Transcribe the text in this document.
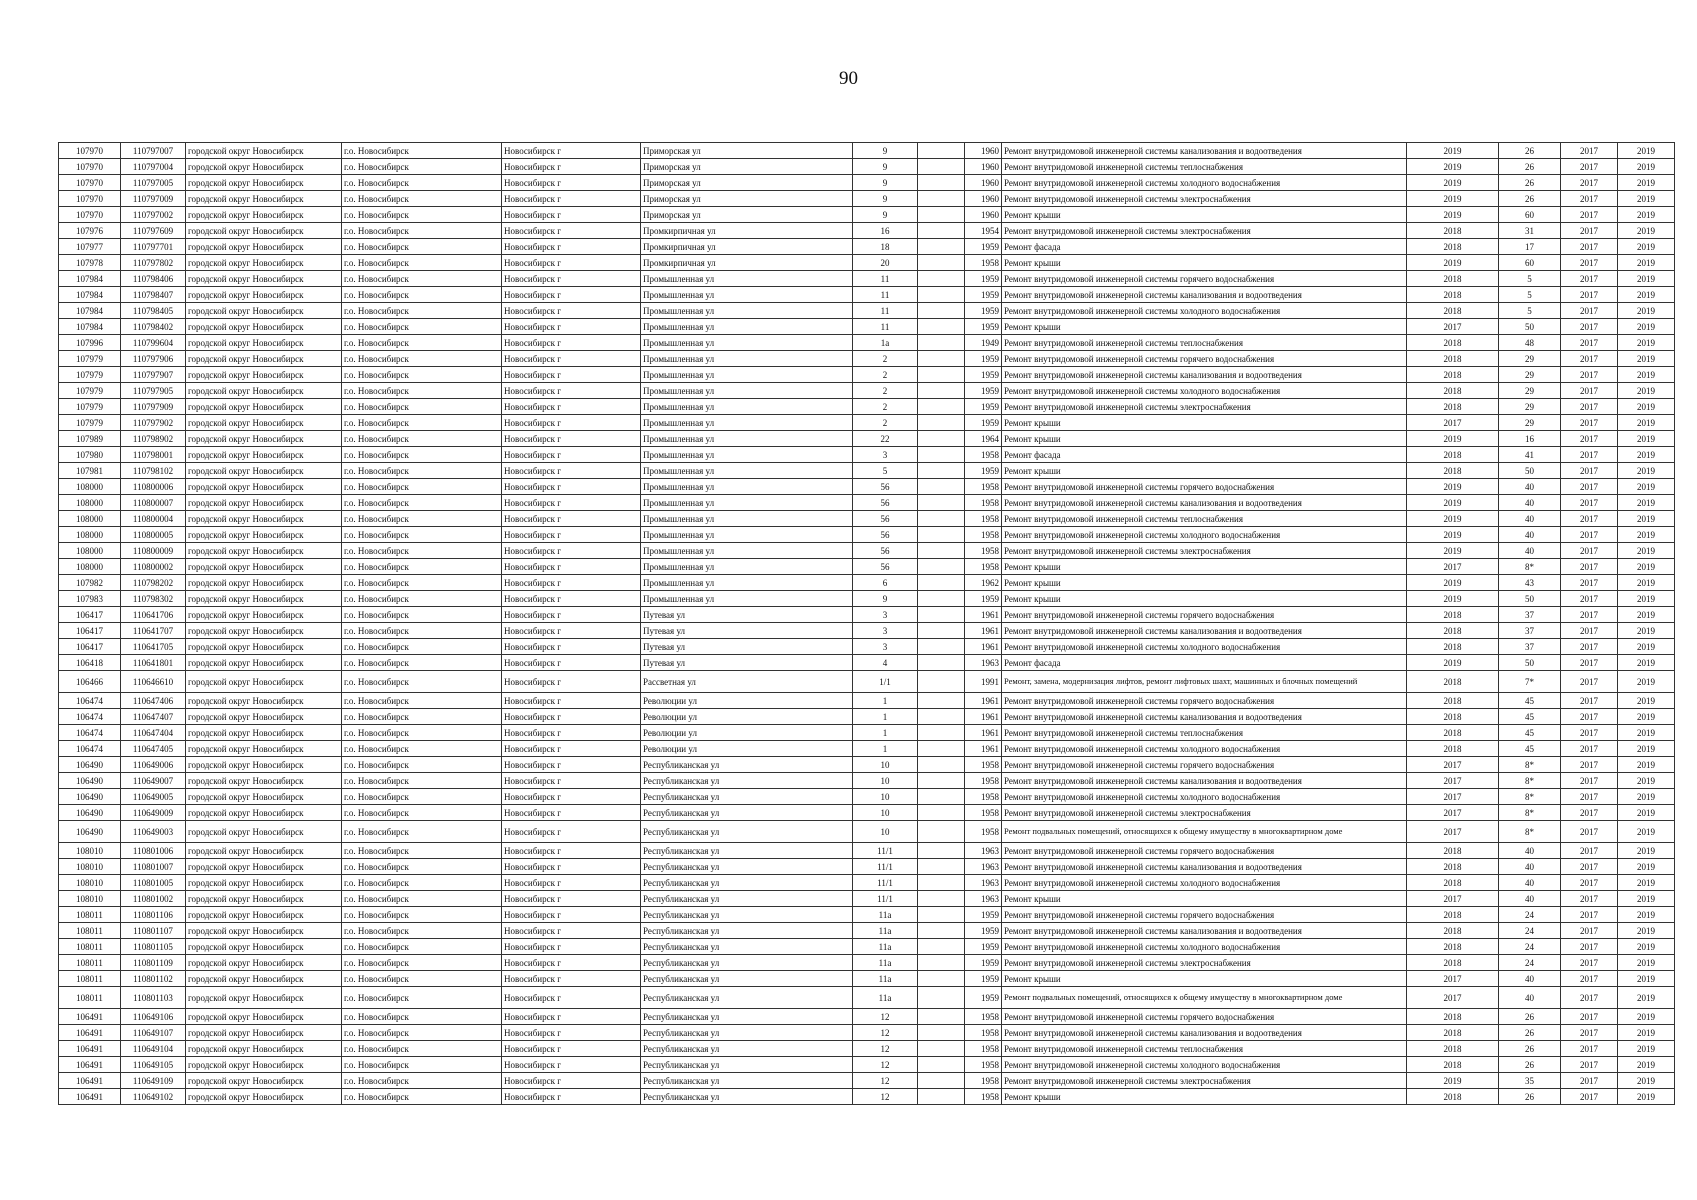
90
107970	110797007	городской округ Новосибирск	г.о. Новосибирск	Новосибирск г	Приморская ул	9		1960	Ремонт внутридомовой инженерной системы канализования и водоотведения	2019	26	2017	2019
107970	110797004	городской округ Новосибирск	г.о. Новосибирск	Новосибирск г	Приморская ул	9		1960	Ремонт внутридомовой инженерной системы теплоснабжения	2019	26	2017	2019
107970	110797005	городской округ Новосибирск	г.о. Новосибирск	Новосибирск г	Приморская ул	9		1960	Ремонт внутридомовой инженерной системы холодного водоснабжения	2019	26	2017	2019
107970	110797009	городской округ Новосибирск	г.о. Новосибирск	Новосибирск г	Приморская ул	9		1960	Ремонт внутридомовой инженерной системы электроснабжения	2019	26	2017	2019
107970	110797002	городской округ Новосибирск	г.о. Новосибирск	Новосибирск г	Приморская ул	9		1960	Ремонт крыши	2019	60	2017	2019
107976	110797609	городской округ Новосибирск	г.о. Новосибирск	Новосибирск г	Промкирпичная ул	16		1954	Ремонт внутридомовой инженерной системы электроснабжения	2018	31	2017	2019
107977	110797701	городской округ Новосибирск	г.о. Новосибирск	Новосибирск г	Промкирпичная ул	18		1959	Ремонт фасада	2018	17	2017	2019
107978	110797802	городской округ Новосибирск	г.о. Новосибирск	Новосибирск г	Промкирпичная ул	20		1958	Ремонт крыши	2019	60	2017	2019
107984	110798406	городской округ Новосибирск	г.о. Новосибирск	Новосибирск г	Промышленная ул	11		1959	Ремонт внутридомовой инженерной системы горячего водоснабжения	2018	5	2017	2019
107984	110798407	городской округ Новосибирск	г.о. Новосибирск	Новосибирск г	Промышленная ул	11		1959	Ремонт внутридомовой инженерной системы канализования и водоотведения	2018	5	2017	2019
107984	110798405	городской округ Новосибирск	г.о. Новосибирск	Новосибирск г	Промышленная ул	11		1959	Ремонт внутридомовой инженерной системы холодного водоснабжения	2018	5	2017	2019
107984	110798402	городской округ Новосибирск	г.о. Новосибирск	Новосибирск г	Промышленная ул	11		1959	Ремонт крыши	2017	50	2017	2019
107996	110799604	городской округ Новосибирск	г.о. Новосибирск	Новосибирск г	Промышленная ул	1а		1949	Ремонт внутридомовой инженерной системы теплоснабжения	2018	48	2017	2019
107979	110797906	городской округ Новосибирск	г.о. Новосибирск	Новосибирск г	Промышленная ул	2		1959	Ремонт внутридомовой инженерной системы горячего водоснабжения	2018	29	2017	2019
107979	110797907	городской округ Новосибирск	г.о. Новосибирск	Новосибирск г	Промышленная ул	2		1959	Ремонт внутридомовой инженерной системы канализования и водоотведения	2018	29	2017	2019
107979	110797905	городской округ Новосибирск	г.о. Новосибирск	Новосибирск г	Промышленная ул	2		1959	Ремонт внутридомовой инженерной системы холодного водоснабжения	2018	29	2017	2019
107979	110797909	городской округ Новосибирск	г.о. Новосибирск	Новосибирск г	Промышленная ул	2		1959	Ремонт внутридомовой инженерной системы электроснабжения	2018	29	2017	2019
107979	110797902	городской округ Новосибирск	г.о. Новосибирск	Новосибирск г	Промышленная ул	2		1959	Ремонт крыши	2017	29	2017	2019
107989	110798902	городской округ Новосибирск	г.о. Новосибирск	Новосибирск г	Промышленная ул	22		1964	Ремонт крыши	2019	16	2017	2019
107980	110798001	городской округ Новосибирск	г.о. Новосибирск	Новосибирск г	Промышленная ул	3		1958	Ремонт фасада	2018	41	2017	2019
107981	110798102	городской округ Новосибирск	г.о. Новосибирск	Новосибирск г	Промышленная ул	5		1959	Ремонт крыши	2018	50	2017	2019
108000	110800006	городской округ Новосибирск	г.о. Новосибирск	Новосибирск г	Промышленная ул	56		1958	Ремонт внутридомовой инженерной системы горячего водоснабжения	2019	40	2017	2019
108000	110800007	городской округ Новосибирск	г.о. Новосибирск	Новосибирск г	Промышленная ул	56		1958	Ремонт внутридомовой инженерной системы канализования и водоотведения	2019	40	2017	2019
108000	110800004	городской округ Новосибирск	г.о. Новосибирск	Новосибирск г	Промышленная ул	56		1958	Ремонт внутридомовой инженерной системы теплоснабжения	2019	40	2017	2019
108000	110800005	городской округ Новосибирск	г.о. Новосибирск	Новосибирск г	Промышленная ул	56		1958	Ремонт внутридомовой инженерной системы холодного водоснабжения	2019	40	2017	2019
108000	110800009	городской округ Новосибирск	г.о. Новосибирск	Новосибирск г	Промышленная ул	56		1958	Ремонт внутридомовой инженерной системы электроснабжения	2019	40	2017	2019
108000	110800002	городской округ Новосибирск	г.о. Новосибирск	Новосибирск г	Промышленная ул	56		1958	Ремонт крыши	2017	8*	2017	2019
107982	110798202	городской округ Новосибирск	г.о. Новосибирск	Новосибирск г	Промышленная ул	6		1962	Ремонт крыши	2019	43	2017	2019
107983	110798302	городской округ Новосибирск	г.о. Новосибирск	Новосибирск г	Промышленная ул	9		1959	Ремонт крыши	2019	50	2017	2019
106417	110641706	городской округ Новосибирск	г.о. Новосибирск	Новосибирск г	Путевая ул	3		1961	Ремонт внутридомовой инженерной системы горячего водоснабжения	2018	37	2017	2019
106417	110641707	городской округ Новосибирск	г.о. Новосибирск	Новосибирск г	Путевая ул	3		1961	Ремонт внутридомовой инженерной системы канализования и водоотведения	2018	37	2017	2019
106417	110641705	городской округ Новосибирск	г.о. Новосибирск	Новосибирск г	Путевая ул	3		1961	Ремонт внутридомовой инженерной системы холодного водоснабжения	2018	37	2017	2019
106418	110641801	городской округ Новосибирск	г.о. Новосибирск	Новосибирск г	Путевая ул	4		1963	Ремонт фасада	2019	50	2017	2019
106466	110646610	городской округ Новосибирск	г.о. Новосибирск	Новосибирск г	Рассветная ул	1/1		1991	Ремонт, замена, модернизация лифтов, ремонт лифтовых шахт, машинных и блочных помещений	2018	7*	2017	2019
106474	110647406	городской округ Новосибирск	г.о. Новосибирск	Новосибирск г	Революции ул	1		1961	Ремонт внутридомовой инженерной системы горячего водоснабжения	2018	45	2017	2019
106474	110647407	городской округ Новосибирск	г.о. Новосибирск	Новосибирск г	Революции ул	1		1961	Ремонт внутридомовой инженерной системы канализования и водоотведения	2018	45	2017	2019
106474	110647404	городской округ Новосибирск	г.о. Новосибирск	Новосибирск г	Революции ул	1		1961	Ремонт внутридомовой инженерной системы теплоснабжения	2018	45	2017	2019
106474	110647405	городской округ Новосибирск	г.о. Новосибирск	Новосибирск г	Революции ул	1		1961	Ремонт внутридомовой инженерной системы холодного водоснабжения	2018	45	2017	2019
106490	110649006	городской округ Новосибирск	г.о. Новосибирск	Новосибирск г	Республиканская ул	10		1958	Ремонт внутридомовой инженерной системы горячего водоснабжения	2017	8*	2017	2019
106490	110649007	городской округ Новосибирск	г.о. Новосибирск	Новосибирск г	Республиканская ул	10		1958	Ремонт внутридомовой инженерной системы канализования и водоотведения	2017	8*	2017	2019
106490	110649005	городской округ Новосибирск	г.о. Новосибирск	Новосибирск г	Республиканская ул	10		1958	Ремонт внутридомовой инженерной системы холодного водоснабжения	2017	8*	2017	2019
106490	110649009	городской округ Новосибирск	г.о. Новосибирск	Новосибирск г	Республиканская ул	10		1958	Ремонт внутридомовой инженерной системы электроснабжения	2017	8*	2017	2019
106490	110649003	городской округ Новосибирск	г.о. Новосибирск	Новосибирск г	Республиканская ул	10		1958	Ремонт подвальных помещений, относящихся к общему имуществу в многоквартирном доме	2017	8*	2017	2019
108010	110801006	городской округ Новосибирск	г.о. Новосибирск	Новосибирск г	Республиканская ул	11/1		1963	Ремонт внутридомовой инженерной системы горячего водоснабжения	2018	40	2017	2019
108010	110801007	городской округ Новосибирск	г.о. Новосибирск	Новосибирск г	Республиканская ул	11/1		1963	Ремонт внутридомовой инженерной системы канализования и водоотведения	2018	40	2017	2019
108010	110801005	городской округ Новосибирск	г.о. Новосибирск	Новосибирск г	Республиканская ул	11/1		1963	Ремонт внутридомовой инженерной системы холодного водоснабжения	2018	40	2017	2019
108010	110801002	городской округ Новосибирск	г.о. Новосибирск	Новосибирск г	Республиканская ул	11/1		1963	Ремонт крыши	2017	40	2017	2019
108011	110801106	городской округ Новосибирск	г.о. Новосибирск	Новосибирск г	Республиканская ул	11а		1959	Ремонт внутридомовой инженерной системы горячего водоснабжения	2018	24	2017	2019
108011	110801107	городской округ Новосибирск	г.о. Новосибирск	Новосибирск г	Республиканская ул	11а		1959	Ремонт внутридомовой инженерной системы канализования и водоотведения	2018	24	2017	2019
108011	110801105	городской округ Новосибирск	г.о. Новосибирск	Новосибирск г	Республиканская ул	11а		1959	Ремонт внутридомовой инженерной системы холодного водоснабжения	2018	24	2017	2019
108011	110801109	городской округ Новосибирск	г.о. Новосибирск	Новосибирск г	Республиканская ул	11а		1959	Ремонт внутридомовой инженерной системы электроснабжения	2018	24	2017	2019
108011	110801102	городской округ Новосибирск	г.о. Новосибирск	Новосибирск г	Республиканская ул	11а		1959	Ремонт крыши	2017	40	2017	2019
108011	110801103	городской округ Новосибирск	г.о. Новосибирск	Новосибирск г	Республиканская ул	11а		1959	Ремонт подвальных помещений, относящихся к общему имуществу в многоквартирном доме	2017	40	2017	2019
106491	110649106	городской округ Новосибирск	г.о. Новосибирск	Новосибирск г	Республиканская ул	12		1958	Ремонт внутридомовой инженерной системы горячего водоснабжения	2018	26	2017	2019
106491	110649107	городской округ Новосибирск	г.о. Новосибирск	Новосибирск г	Республиканская ул	12		1958	Ремонт внутридомовой инженерной системы канализования и водоотведения	2018	26	2017	2019
106491	110649104	городской округ Новосибирск	г.о. Новосибирск	Новосибирск г	Республиканская ул	12		1958	Ремонт внутридомовой инженерной системы теплоснабжения	2018	26	2017	2019
106491	110649105	городской округ Новосибирск	г.о. Новосибирск	Новосибирск г	Республиканская ул	12		1958	Ремонт внутридомовой инженерной системы холодного водоснабжения	2018	26	2017	2019
106491	110649109	городской округ Новосибирск	г.о. Новосибирск	Новосибирск г	Республиканская ул	12		1958	Ремонт внутридомовой инженерной системы электроснабжения	2019	35	2017	2019
106491	110649102	городской округ Новосибирск	г.о. Новосибирск	Новосибирск г	Республиканская ул	12		1958	Ремонт крыши	2018	26	2017	2019
